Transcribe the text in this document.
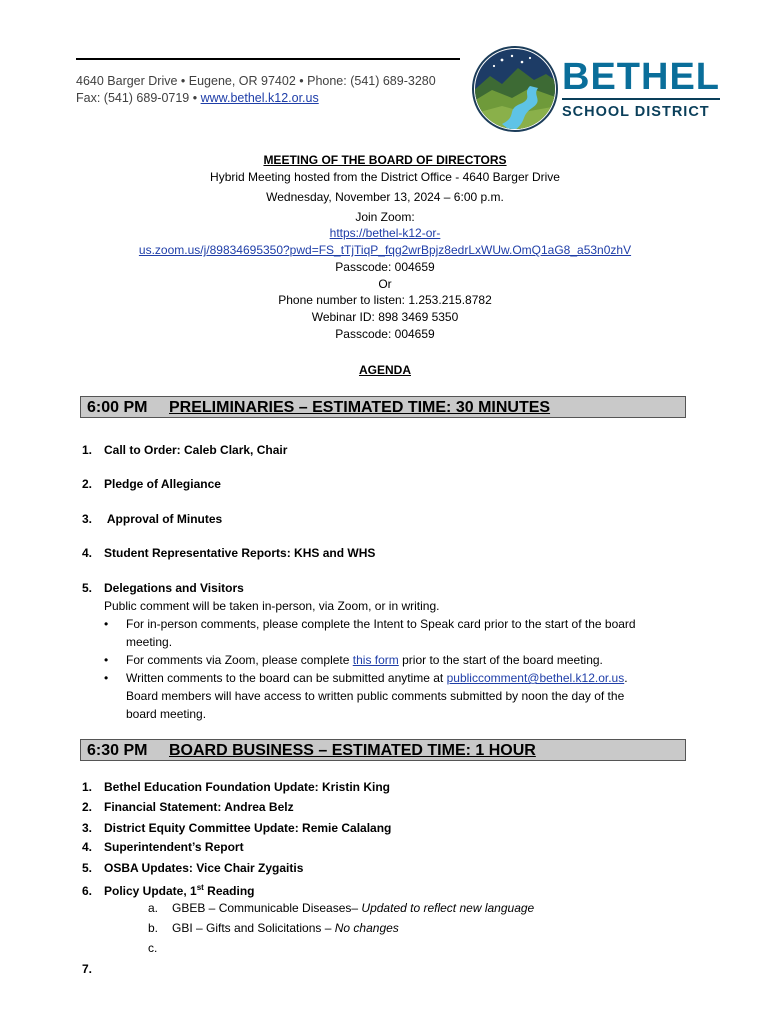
4640 Barger Drive • Eugene, OR 97402 • Phone: (541) 689-3280
Fax: (541) 689-0719 • www.bethel.k12.or.us	BETHEL
SCHOOL DISTRICT
MEETING OF THE BOARD OF DIRECTORS
Hybrid Meeting hosted from the District Office - 4640 Barger Drive
Wednesday, November 13, 2024 – 6:00 p.m.
Join Zoom:
https://bethel-k12-or-
us.zoom.us/j/89834695350?pwd=FS_tTjTiqP_fqg2wrBpjz8edrLxWUw.OmQ1aG8_a53n0zhV
Passcode: 004659
Or
Phone number to listen: 1.253.215.8782
Webinar ID: 898 3469 5350
Passcode: 004659
AGENDA
6:00 PM PRELIMINARIES – ESTIMATED TIME: 30 MINUTES
1. Call to Order: Caleb Clark, Chair
2. Pledge of Allegiance
3. Approval of Minutes
4. Student Representative Reports: KHS and WHS
5. Delegations and Visitors
Public comment will be taken in-person, via Zoom, or in writing.
• For in-person comments, please complete the Intent to Speak card prior to the start of the board
meeting.
• For comments via Zoom, please complete this form prior to the start of the board meeting.
• Written comments to the board can be submitted anytime at publiccomment@bethel.k12.or.us.
Board members will have access to written public comments submitted by noon the day of the
board meeting.
6:30 PM BOARD BUSINESS – ESTIMATED TIME: 1 HOUR
1. Bethel Education Foundation Update: Kristin King
2. Financial Statement: Andrea Belz
3. District Equity Committee Update: Remie Calalang
4. Superintendent’s Report
5. OSBA Updates: Vice Chair Zygaitis
6. Policy Update, 1st Reading
a. GBEB – Communicable Diseases– Updated to reflect new language
b. GBI – Gifts and Solicitations – No changes
c.
7.
